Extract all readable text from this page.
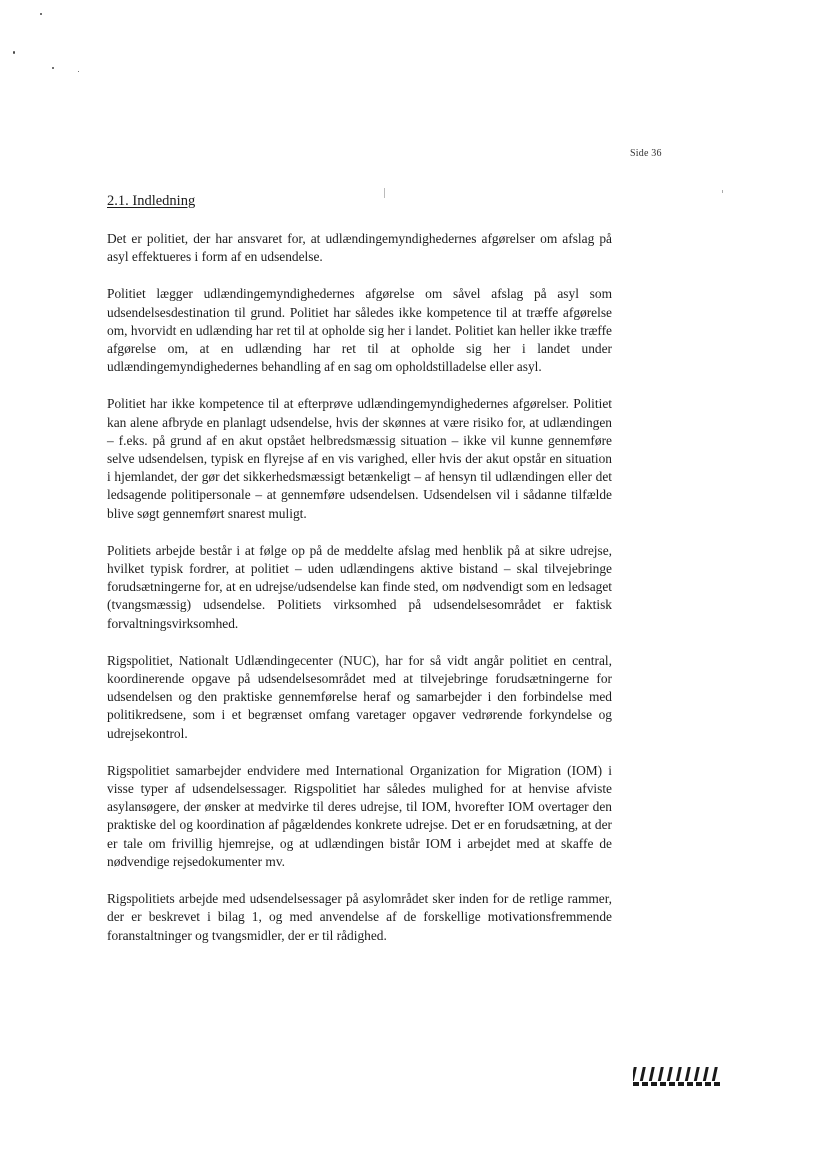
Side 36
2.1. Indledning

Det er politiet, der har ansvaret for, at udlændingemyndighedernes afgørelser om afslag på asyl effektueres i form af en udsendelse.

Politiet lægger udlændingemyndighedernes afgørelse om såvel afslag på asyl som udsendelsesdestination til grund. Politiet har således ikke kompetence til at træffe afgørelse om, hvorvidt en udlænding har ret til at opholde sig her i landet. Politiet kan heller ikke træffe afgørelse om, at en udlænding har ret til at opholde sig her i landet under udlændingemyndighedernes behandling af en sag om opholdstilladelse eller asyl.

Politiet har ikke kompetence til at efterprøve udlændingemyndighedernes afgørelser. Politiet kan alene afbryde en planlagt udsendelse, hvis der skønnes at være risiko for, at udlændingen – f.eks. på grund af en akut opstået helbredsmæssig situation – ikke vil kunne gennemføre selve udsendelsen, typisk en flyrejse af en vis varighed, eller hvis der akut opstår en situation i hjemlandet, der gør det sikkerhedsmæssigt betænkeligt – af hensyn til udlændingen eller det ledsagende politipersonale – at gennemføre udsendelsen. Udsendelsen vil i sådanne tilfælde blive søgt gennemført snarest muligt.

Politiets arbejde består i at følge op på de meddelte afslag med henblik på at sikre udrejse, hvilket typisk fordrer, at politiet – uden udlændingens aktive bistand – skal tilvejebringe forudsætningerne for, at en udrejse/udsendelse kan finde sted, om nødvendigt som en ledsaget (tvangsmæssig) udsendelse. Politiets virksomhed på udsendelsesområdet er faktisk forvaltningsvirksomhed.

Rigspolitiet, Nationalt Udlændingecenter (NUC), har for så vidt angår politiet en central, koordinerende opgave på udsendelsesområdet med at tilvejebringe forudsætningerne for udsendelsen og den praktiske gennemførelse heraf og samarbejder i den forbindelse med politikredsene, som i et begrænset omfang varetager opgaver vedrørende forkyndelse og udrejsekontrol.

Rigspolitiet samarbejder endvidere med International Organization for Migration (IOM) i visse typer af udsendelsessager. Rigspolitiet har således mulighed for at henvise afviste asylansøgere, der ønsker at medvirke til deres udrejse, til IOM, hvorefter IOM overtager den praktiske del og koordination af pågældendes konkrete udrejse. Det er en forudsætning, at der er tale om frivillig hjemrejse, og at udlændingen bistår IOM i arbejdet med at skaffe de nødvendige rejsedokumenter mv.

Rigspolitiets arbejde med udsendelsessager på asylområdet sker inden for de retlige rammer, der er beskrevet i bilag 1, og med anvendelse af de forskellige motivationsfremmende foranstaltninger og tvangsmidler, der er til rådighed.
